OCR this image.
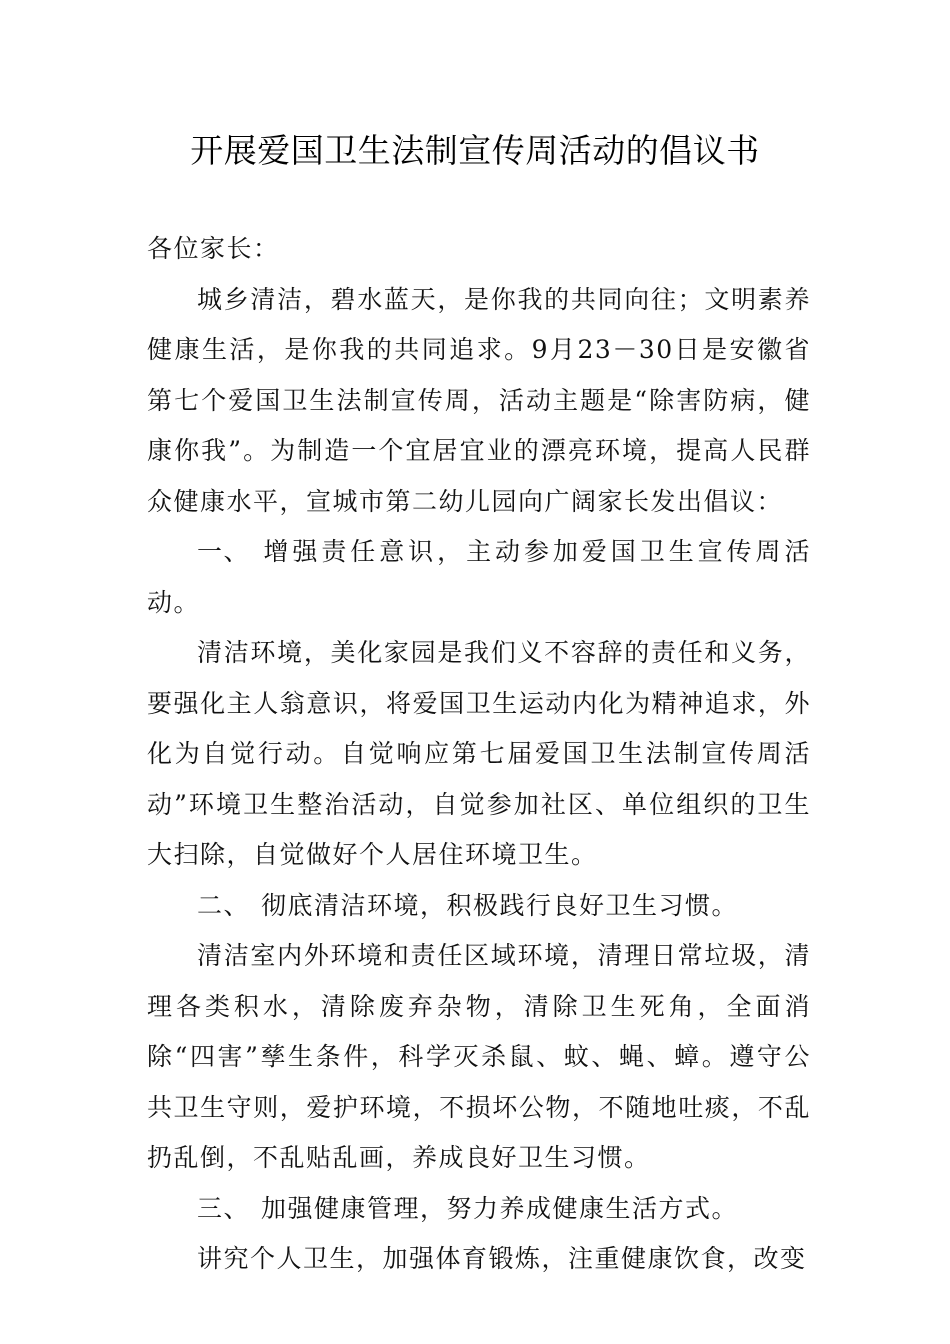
开展爱国卫生法制宣传周活动的倡议书

各位家长：

城乡清洁，碧水蓝天，是你我的共同向往；文明素养健康生活，是你我的共同追求。9月23－30日是安徽省第七个爱国卫生法制宣传周，活动主题是“除害防病，健康你我”。为制造一个宜居宜业的漂亮环境，提高人民群众健康水平，宣城市第二幼儿园向广阔家长发出倡议：

一、 增强责任意识，主动参加爱国卫生宣传周活动。

清洁环境，美化家园是我们义不容辞的责任和义务，要强化主人翁意识，将爱国卫生运动内化为精神追求，外化为自觉行动。自觉响应第七届爱国卫生法制宣传周活动”环境卫生整治活动，自觉参加社区、单位组织的卫生大扫除，自觉做好个人居住环境卫生。

二、 彻底清洁环境，积极践行良好卫生习惯。

清洁室内外环境和责任区域环境，清理日常垃圾，清理各类积水，清除废弃杂物，清除卫生死角，全面消除“四害”孳生条件，科学灭杀鼠、蚊、蝇、蟑。遵守公共卫生守则，爱护环境，不损坏公物，不随地吐痰，不乱扔乱倒，不乱贴乱画，养成良好卫生习惯。

三、 加强健康管理，努力养成健康生活方式。

讲究个人卫生，加强体育锻炼，注重健康饮食，改变
